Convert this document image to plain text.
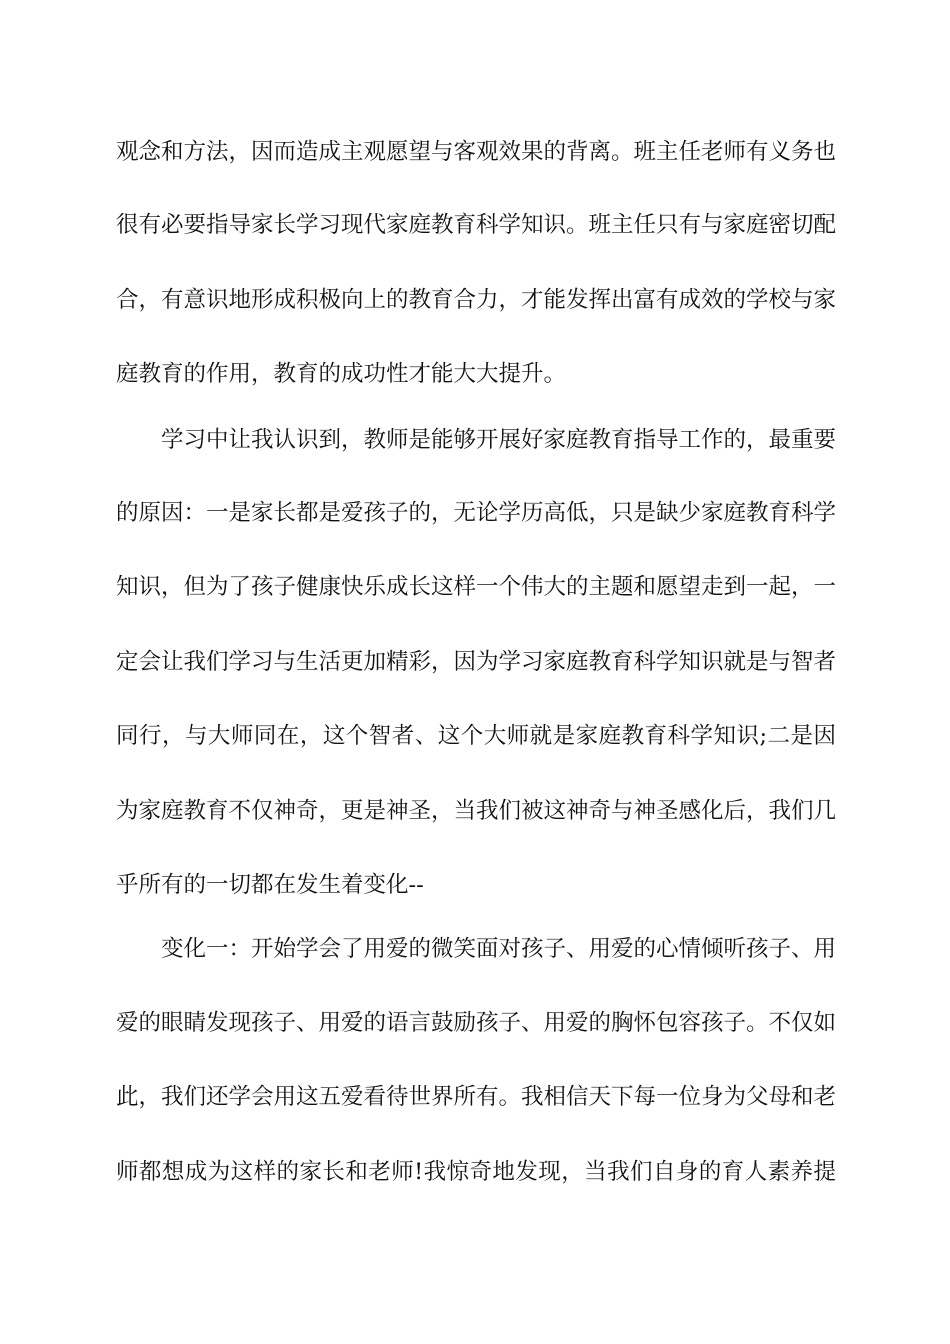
观念和方法，因而造成主观愿望与客观效果的背离。班主任老师有义务也
很有必要指导家长学习现代家庭教育科学知识。班主任只有与家庭密切配
合，有意识地形成积极向上的教育合力，才能发挥出富有成效的学校与家
庭教育的作用，教育的成功性才能大大提升。
学习中让我认识到，教师是能够开展好家庭教育指导工作的，最重要
的原因：一是家长都是爱孩子的，无论学历高低，只是缺少家庭教育科学
知识，但为了孩子健康快乐成长这样一个伟大的主题和愿望走到一起，一
定会让我们学习与生活更加精彩，因为学习家庭教育科学知识就是与智者
同行，与大师同在，这个智者、这个大师就是家庭教育科学知识;二是因
为家庭教育不仅神奇，更是神圣，当我们被这神奇与神圣感化后，我们几
乎所有的一切都在发生着变化--
变化一：开始学会了用爱的微笑面对孩子、用爱的心情倾听孩子、用
爱的眼睛发现孩子、用爱的语言鼓励孩子、用爱的胸怀包容孩子。不仅如
此，我们还学会用这五爱看待世界所有。我相信天下每一位身为父母和老
师都想成为这样的家长和老师!我惊奇地发现，当我们自身的育人素养提
